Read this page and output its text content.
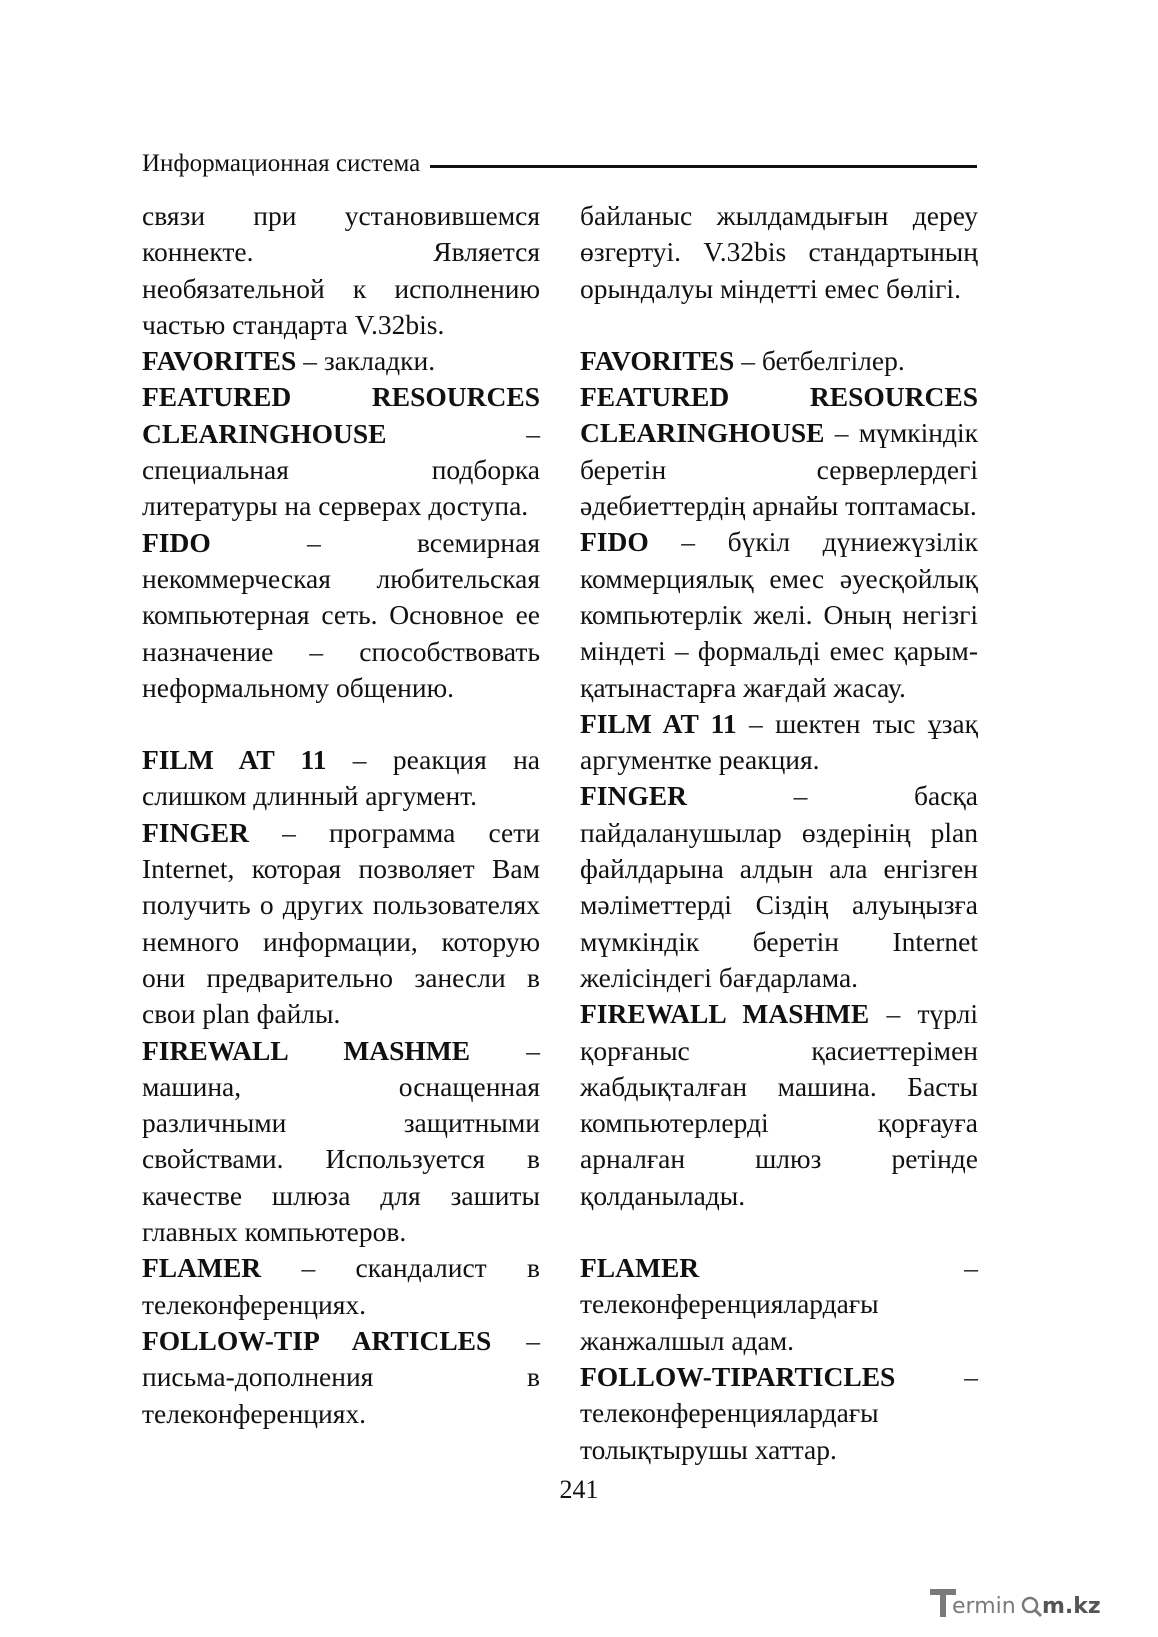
Информационная система

связи при установившемся коннекте. Является необязательной к исполнению частью стандарта V.32bis.

FAVORITES – закладки.

FEATURED RESOURCES CLEARINGHOUSE – специальная подборка литературы на серверах доступа.

FIDO – всемирная некоммерческая любительская компьютерная сеть. Основное ее назначение – способствовать неформальному общению.

FILM AT 11 – реакция на слишком длинный аргумент.

FINGER – программа сети Internet, которая позволяет Вам получить о других пользователях немного информации, которую они предварительно занесли в свои plan файлы.

FIREWALL MASHME – машина, оснащенная различными защитными свойствами. Используется в качестве шлюза для зашиты главных компьютеров.

FLAMER – скандалист в телеконференциях.

FOLLOW-TIP ARTICLES – письма-дополнения в телеконференциях.

байланыс жылдамдығын дереу өзгертуі. V.32bis стандартының орындалуы міндетті емес бөлігі.

FAVORITES – бетбелгілер.

FEATURED RESOURCES CLEARINGHOUSE – мүмкіндік беретін серверлердегі әдебиеттердің арнайы топтамасы.

FIDO – бүкіл дүниежүзілік коммерциялық емес әуесқойлық компьютерлік желі. Оның негізгі міндеті – формальді емес қарым-қатынастарға жағдай жасау.

FILM AT 11 – шектен тыс ұзақ аргументке реакция.

FINGER – басқа пайдаланушылар өздерінің plan файлдарына алдын ала енгізген мәліметтерді Сіздің алуыңызға мүмкіндік беретін Internet желісіндегі бағдарлама.

FIREWALL MASHME – түрлі қорғаныс қасиеттерімен жабдықталған машина. Басты компьютерлерді қорғауға арналған шлюз ретінде қолданылады.

FLAMER – телеконференциялардағы жанжалшыл адам.

FOLLOW-TIPARTICLES – телеконференциялардағы толықтырушы хаттар.

241
ermin m.kz
